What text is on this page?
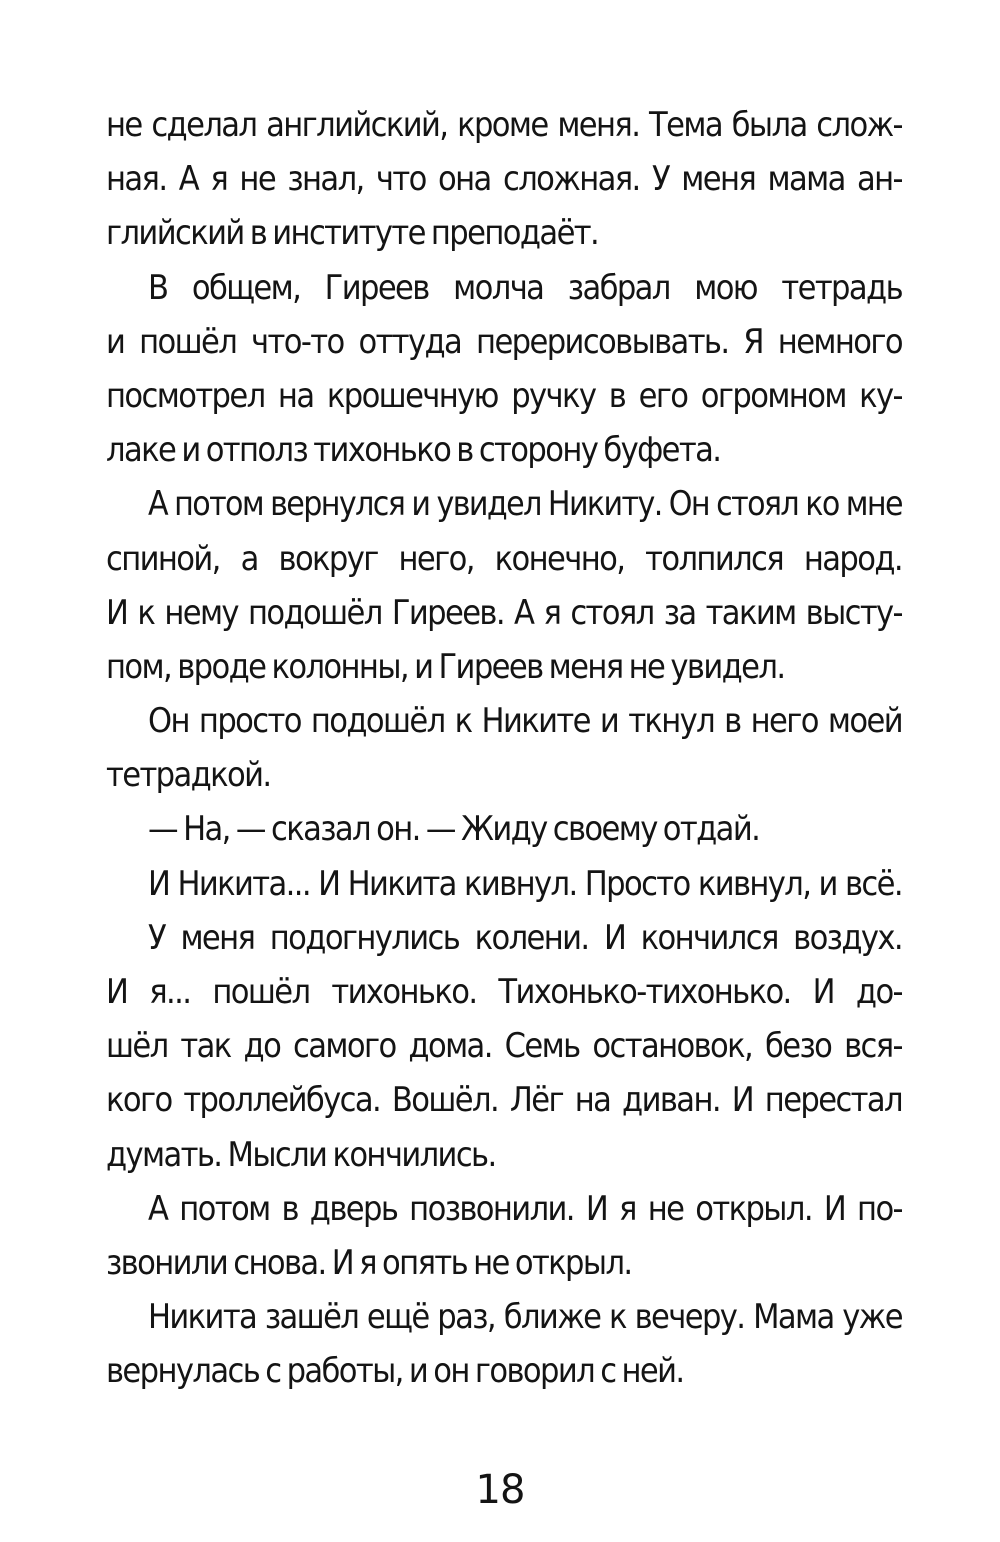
не сделал английский, кроме меня. Тема была слож-
ная. А я не знал, что она сложная. У меня мама ан-
глийский в институте преподаёт.
В общем, Гиреев молча забрал мою тетрадь
и пошёл что-то оттуда перерисовывать. Я немного
посмотрел на крошечную ручку в его огромном ку-
лаке и отполз тихонько в сторону буфета.
А потом вернулся и увидел Никиту. Он стоял ко мне
спиной, а вокруг него, конечно, толпился народ.
И к нему подошёл Гиреев. А я стоял за таким высту-
пом, вроде колонны, и Гиреев меня не увидел.
Он просто подошёл к Никите и ткнул в него моей
тетрадкой.
— На, — сказал он. — Жиду своему отдай.
И Никита... И Никита кивнул. Просто кивнул, и всё.
У меня подогнулись колени. И кончился воздух.
И я... пошёл тихонько. Тихонько-тихонько. И до-
шёл так до самого дома. Семь остановок, безо вся-
кого троллейбуса. Вошёл. Лёг на диван. И перестал
думать. Мысли кончились.
А потом в дверь позвонили. И я не открыл. И по-
звонили снова. И я опять не открыл.
Никита зашёл ещё раз, ближе к вечеру. Мама уже
вернулась с работы, и он говорил с ней.
18
